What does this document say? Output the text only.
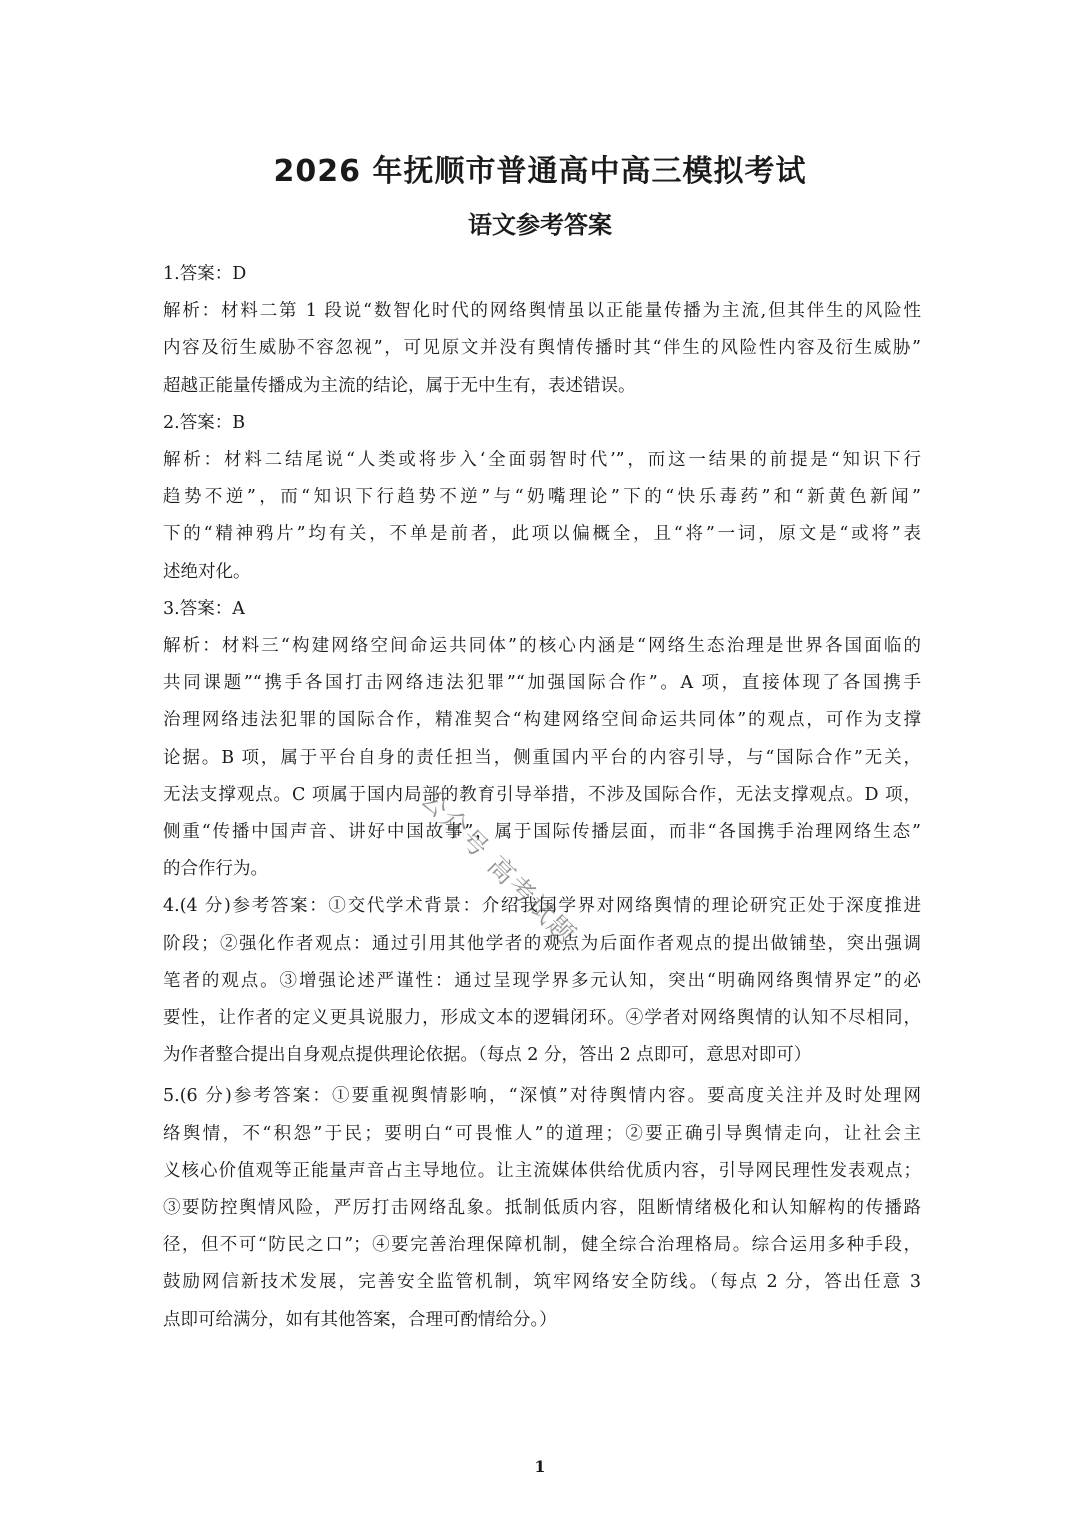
2026 年抚顺市普通高中高三模拟考试
语文参考答案
1.答案：D
解析：材料二第 1 段说“数智化时代的网络舆情虽以正能量传播为主流,但其伴生的风险性
内容及衍生威胁不容忽视”，可见原文并没有舆情传播时其“伴生的风险性内容及衍生威胁”
超越正能量传播成为主流的结论，属于无中生有，表述错误。
2.答案：B
解析：材料二结尾说“人类或将步入‘全面弱智时代’”，而这一结果的前提是“知识下行
趋势不逆”，而“知识下行趋势不逆”与“奶嘴理论”下的“快乐毒药”和“新黄色新闻”
下的“精神鸦片”均有关，不单是前者，此项以偏概全，且“将”一词，原文是“或将”表
述绝对化。
3.答案：A
解析：材料三“构建网络空间命运共同体”的核心内涵是“网络生态治理是世界各国面临的
共同课题”“携手各国打击网络违法犯罪”“加强国际合作”。A 项，直接体现了各国携手
治理网络违法犯罪的国际合作，精准契合“构建网络空间命运共同体”的观点，可作为支撑
论据。B 项，属于平台自身的责任担当，侧重国内平台的内容引导，与“国际合作”无关，
无法支撑观点。C 项属于国内局部的教育引导举措，不涉及国际合作，无法支撑观点。D 项，
侧重“传播中国声音、讲好中国故事”，属于国际传播层面，而非“各国携手治理网络生态”
的合作行为。
4.(4 分)参考答案：①交代学术背景：介绍我国学界对网络舆情的理论研究正处于深度推进
阶段；②强化作者观点：通过引用其他学者的观点为后面作者观点的提出做铺垫，突出强调
笔者的观点。③增强论述严谨性：通过呈现学界多元认知，突出“明确网络舆情界定”的必
要性，让作者的定义更具说服力，形成文本的逻辑闭环。④学者对网络舆情的认知不尽相同，
为作者整合提出自身观点提供理论依据。（每点 2 分，答出 2 点即可，意思对即可）
5.(6 分)参考答案：①要重视舆情影响，“深慎”对待舆情内容。要高度关注并及时处理网
络舆情，不“积怨”于民；要明白“可畏惟人”的道理；②要正确引导舆情走向，让社会主
义核心价值观等正能量声音占主导地位。让主流媒体供给优质内容，引导网民理性发表观点；
③要防控舆情风险，严厉打击网络乱象。抵制低质内容，阻断情绪极化和认知解构的传播路
径，但不可“防民之口”；④要完善治理保障机制，健全综合治理格局。综合运用多种手段，
鼓励网信新技术发展，完善安全监管机制，筑牢网络安全防线。（每点 2 分，答出任意 3
点即可给满分，如有其他答案，合理可酌情给分。）
公众号 高考试题
1
